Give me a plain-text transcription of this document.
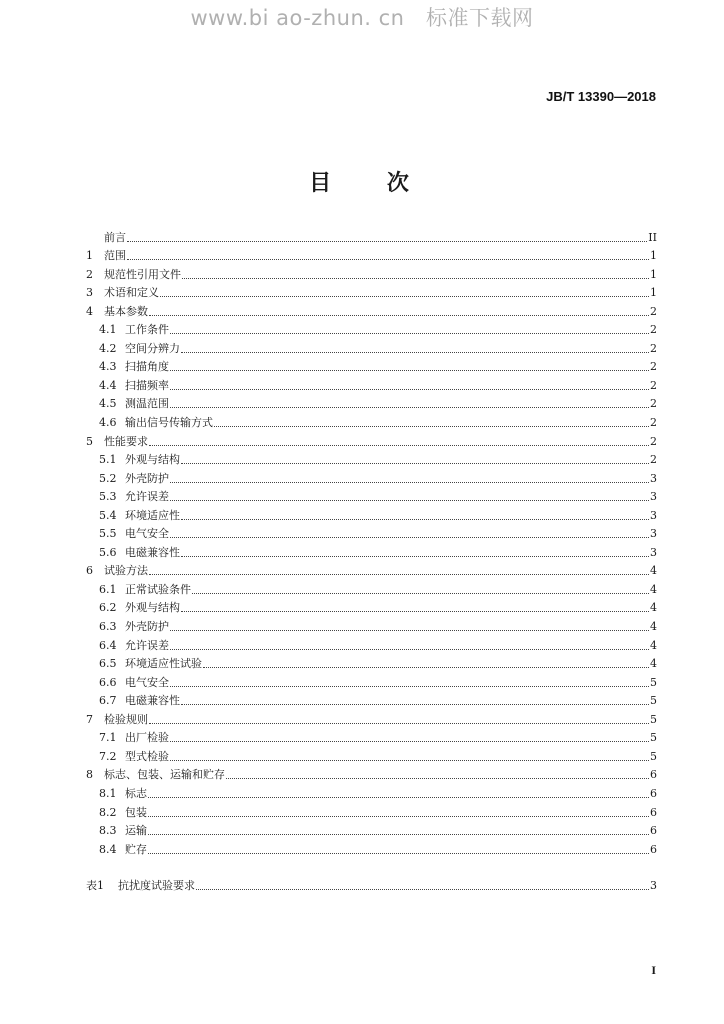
www.bi ao-zhun. cn   标准下载网
JB/T 13390—2018
目 次
前言	II
1	范围	1
2	规范性引用文件	1
3	术语和定义	1
4	基本参数	2
4.1 工作条件	2
4.2 空间分辨力	2
4.3 扫描角度	2
4.4 扫描频率	2
4.5 测温范围	2
4.6 输出信号传输方式	2
5	性能要求	2
5.1 外观与结构	2
5.2 外壳防护	3
5.3 允许误差	3
5.4 环境适应性	3
5.5 电气安全	3
5.6 电磁兼容性	3
6	试验方法	4
6.1 正常试验条件	4
6.2 外观与结构	4
6.3 外壳防护	4
6.4 允许误差	4
6.5 环境适应性试验	4
6.6 电气安全	5
6.7 电磁兼容性	5
7	检验规则	5
7.1 出厂检验	5
7.2 型式检验	5
8	标志、包装、运输和贮存	6
8.1 标志	6
8.2 包装	6
8.3 运输	6
8.4 贮存	6
表1	抗扰度试验要求	3
I
